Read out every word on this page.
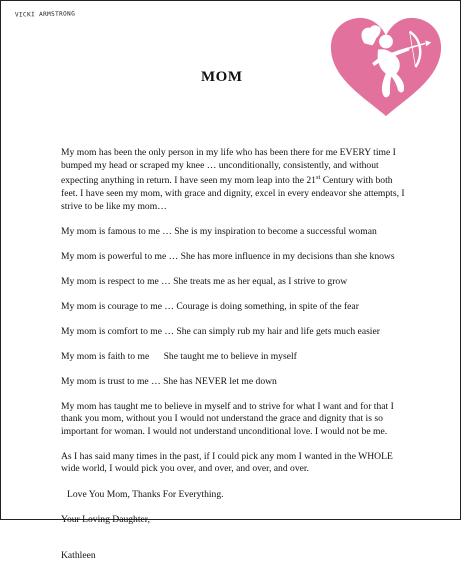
VICKI ARMSTRONG
MOM

My mom has been the only person in my life who has been there for me EVERY time I bumped my head or scraped my knee … unconditionally, consistently, and without expecting anything in return. I have seen my mom leap into the 21st Century with both feet. I have seen my mom, with grace and dignity, excel in every endeavor she attempts, I strive to be like my mom…

My mom is famous to me … She is my inspiration to become a successful woman
My mom is powerful to me … She has more influence in my decisions than she knows
My mom is respect to me … She treats me as her equal, as I strive to grow
My mom is courage to me … Courage is doing something, in spite of the fear
My mom is comfort to me … She can simply rub my hair and life gets much easier
My mom is faith to me      She taught me to believe in myself
My mom is trust to me … She has NEVER let me down

My mom has taught me to believe in myself and to strive for what I want and for that I thank you mom, without you I would not understand the grace and dignity that is so important for woman. I would not understand unconditional love. I would not be me.

As I has said many times in the past, if I could pick any mom I wanted in the WHOLE wide world, I would pick you over, and over, and over, and over.

Love You Mom, Thanks For Everything.
Your Loving Daughter,
Kathleen
